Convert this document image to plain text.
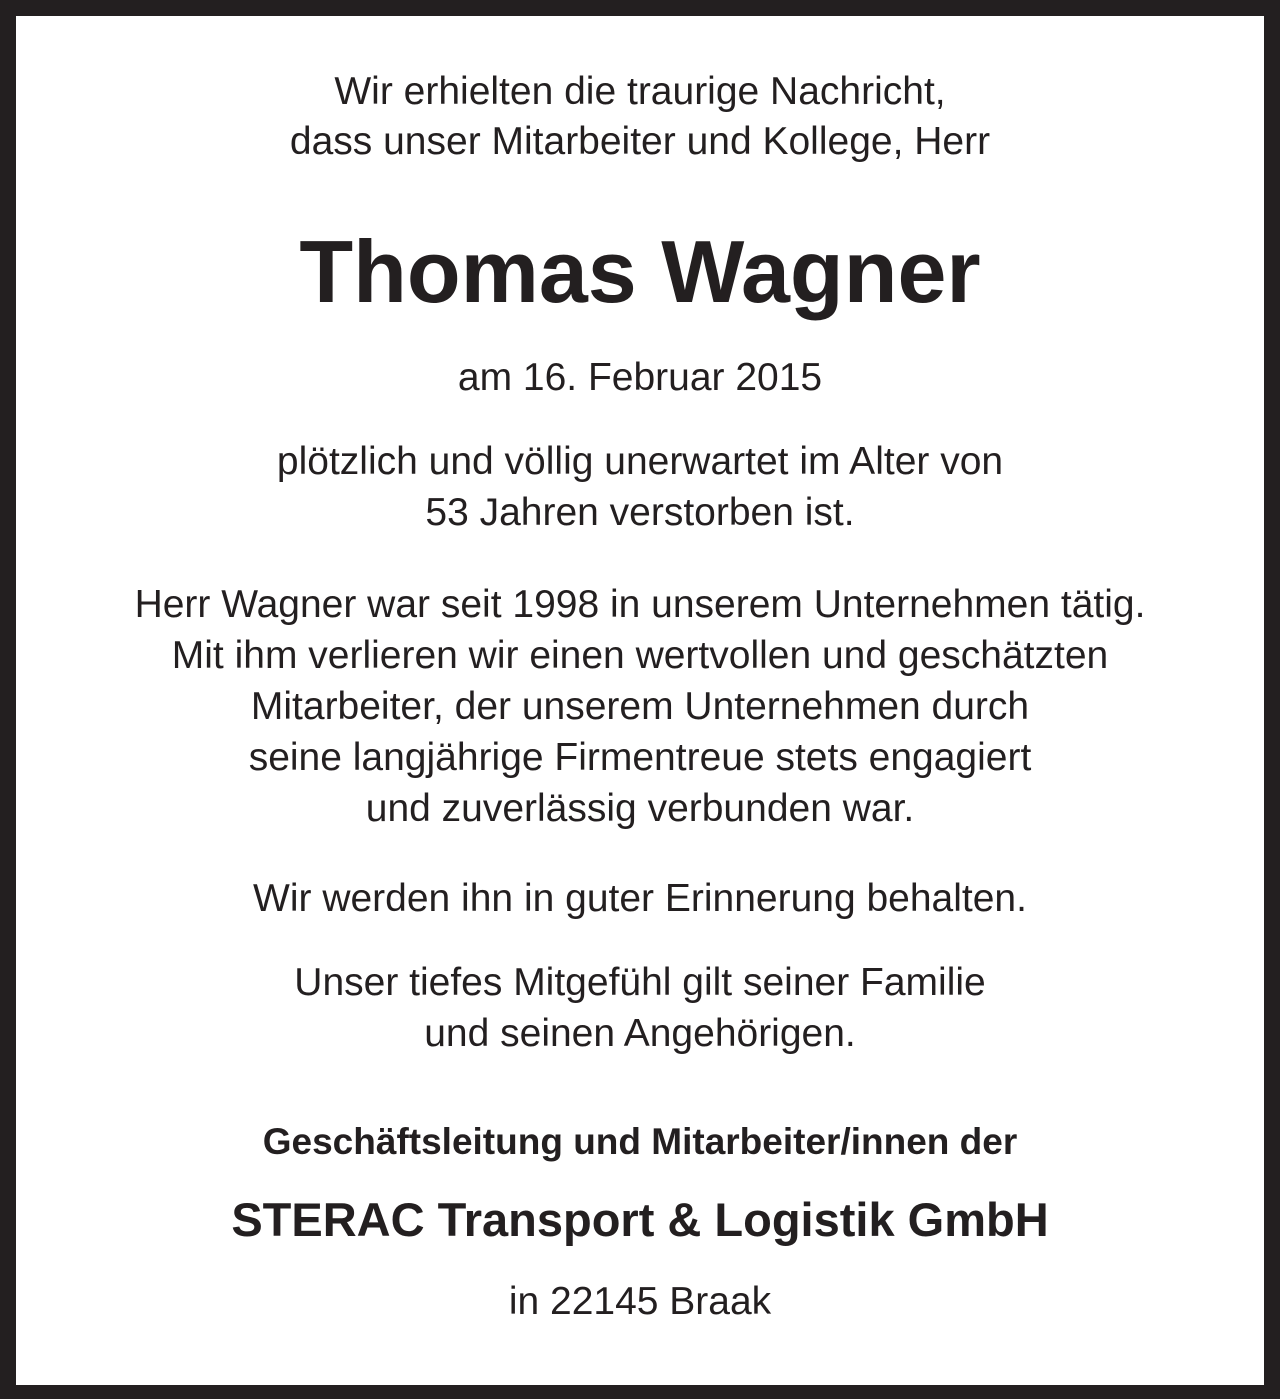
Wir erhielten die traurige Nachricht,

dass unser Mitarbeiter und Kollege, Herr

Thomas Wagner

am 16. Februar 2015

plötzlich und völlig unerwartet im Alter von

53 Jahren verstorben ist.

Herr Wagner war seit 1998 in unserem Unternehmen tätig.

Mit ihm verlieren wir einen wertvollen und geschätzten

Mitarbeiter, der unserem Unternehmen durch

seine langjährige Firmentreue stets engagiert

und zuverlässig verbunden war.

Wir werden ihn in guter Erinnerung behalten.

Unser tiefes Mitgefühl gilt seiner Familie

und seinen Angehörigen.

Geschäftsleitung und Mitarbeiter/innen der

STERAC Transport & Logistik GmbH

in 22145 Braak
